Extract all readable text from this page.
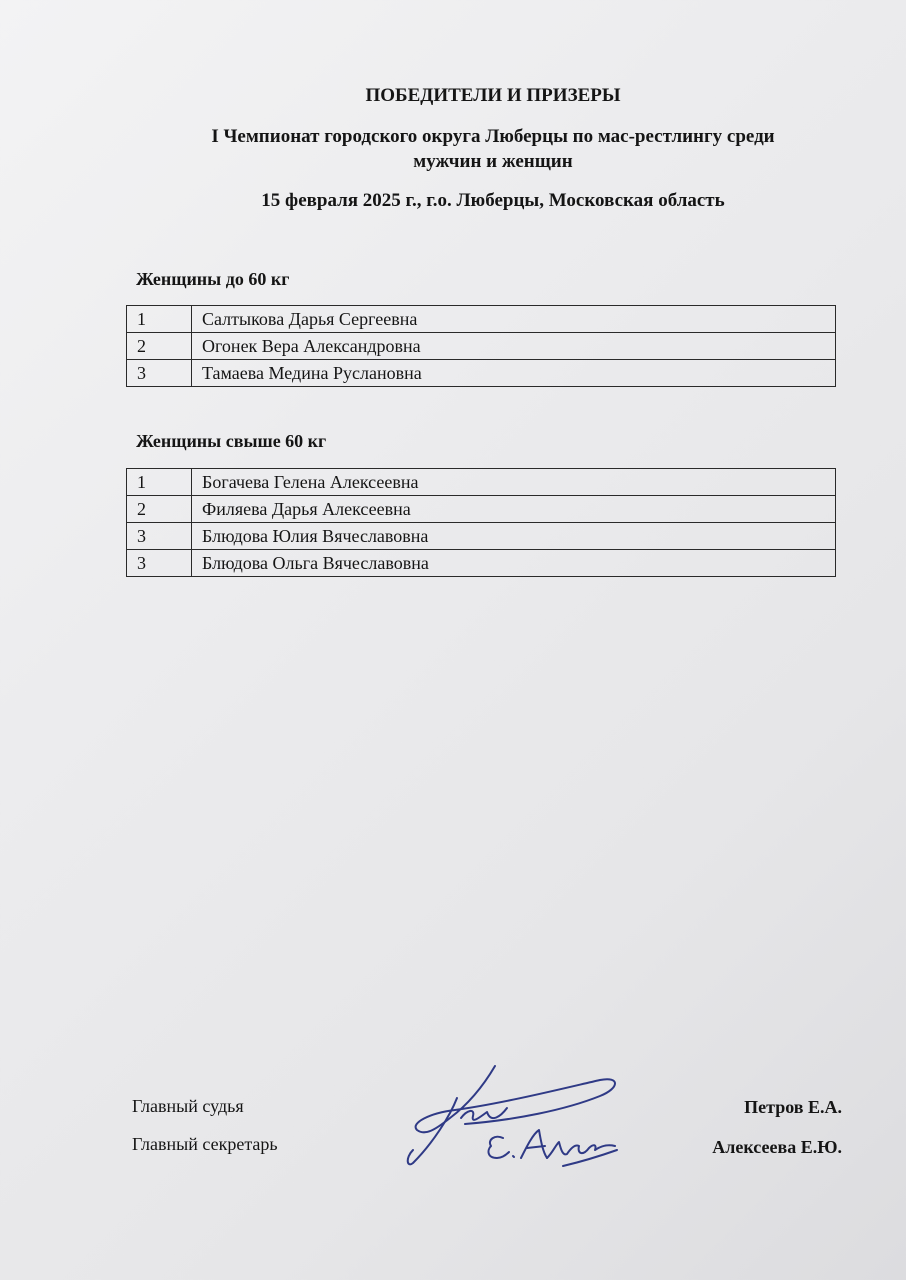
ПОБЕДИТЕЛИ И ПРИЗЕРЫ
I Чемпионат городского округа Люберцы по мас-рестлингу среди
мужчин и женщин
15 февраля 2025 г., г.о. Люберцы, Московская область
Женщины до 60 кг
1	Салтыкова Дарья Сергеевна
2	Огонек Вера Александровна
3	Тамаева Медина Руслановна
Женщины свыше 60 кг
1	Богачева Гелена Алексеевна
2	Филяева Дарья Алексеевна
3	Блюдова Юлия Вячеславовна
3	Блюдова Ольга Вячеславовна
Главный судья
Главный секретарь
Петров Е.А.
Алексеева Е.Ю.
